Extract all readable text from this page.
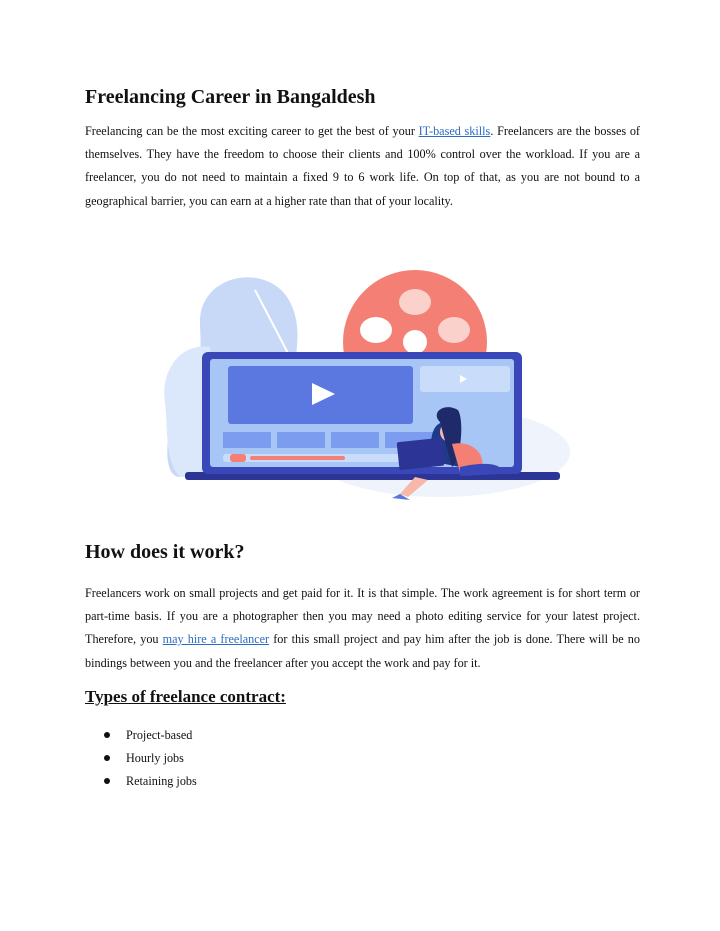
Freelancing Career in Bangaldesh

Freelancing can be the most exciting career to get the best of your IT-based skills. Freelancers are the bosses of themselves. They have the freedom to choose their clients and 100% control over the workload. If you are a freelancer, you do not need to maintain a fixed 9 to 6 work life. On top of that, as you are not bound to a geographical barrier, you can earn at a higher rate than that of your locality.

How does it work?

Freelancers work on small projects and get paid for it. It is that simple. The work agreement is for short term or part-time basis. If you are a photographer then you may need a photo editing service for your latest project. Therefore, you may hire a freelancer for this small project and pay him after the job is done. There will be no bindings between you and the freelancer after you accept the work and pay for it.

Types of freelance contract:
Project-based
Hourly jobs
Retaining jobs
